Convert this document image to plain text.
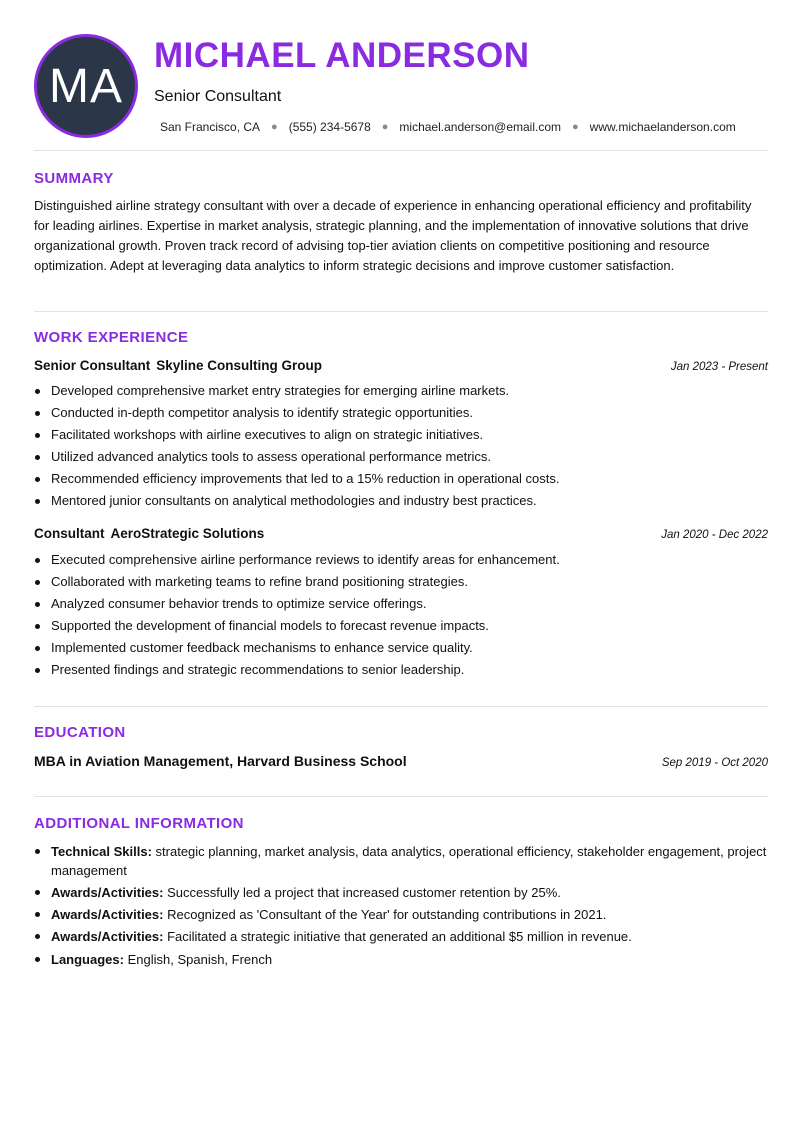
MA
MICHAEL ANDERSON
Senior Consultant
San Francisco, CA ● (555) 234-5678 ● michael.anderson@email.com ● www.michaelanderson.com
SUMMARY

Distinguished airline strategy consultant with over a decade of experience in enhancing operational efficiency and profitability for leading airlines. Expertise in market analysis, strategic planning, and the implementation of innovative solutions that drive organizational growth. Proven track record of advising top-tier aviation clients on competitive positioning and resource optimization. Adept at leveraging data analytics to inform strategic decisions and improve customer satisfaction.

WORK EXPERIENCE
Senior Consultant Skyline Consulting Group	Jan 2023 - Present
Developed comprehensive market entry strategies for emerging airline markets.
Conducted in-depth competitor analysis to identify strategic opportunities.
Facilitated workshops with airline executives to align on strategic initiatives.
Utilized advanced analytics tools to assess operational performance metrics.
Recommended efficiency improvements that led to a 15% reduction in operational costs.
Mentored junior consultants on analytical methodologies and industry best practices.
Consultant AeroStrategic Solutions	Jan 2020 - Dec 2022
Executed comprehensive airline performance reviews to identify areas for enhancement.
Collaborated with marketing teams to refine brand positioning strategies.
Analyzed consumer behavior trends to optimize service offerings.
Supported the development of financial models to forecast revenue impacts.
Implemented customer feedback mechanisms to enhance service quality.
Presented findings and strategic recommendations to senior leadership.
EDUCATION
MBA in Aviation Management, Harvard Business School	Sep 2019 - Oct 2020
ADDITIONAL INFORMATION
Technical Skills: strategic planning, market analysis, data analytics, operational efficiency, stakeholder engagement, project management
Awards/Activities: Successfully led a project that increased customer retention by 25%.
Awards/Activities: Recognized as 'Consultant of the Year' for outstanding contributions in 2021.
Awards/Activities: Facilitated a strategic initiative that generated an additional $5 million in revenue.
Languages: English, Spanish, French
